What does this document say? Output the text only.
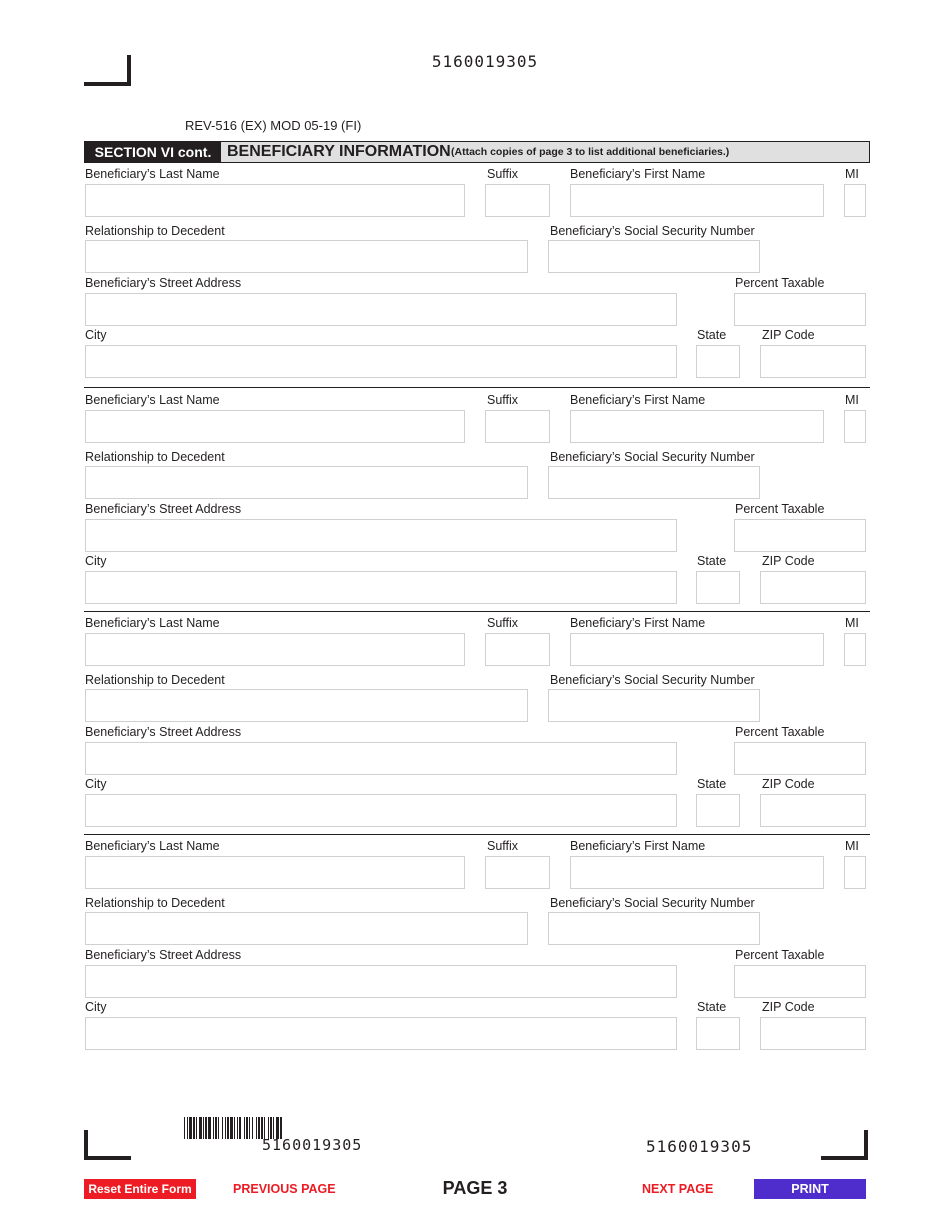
5160019305
REV-516 (EX) MOD 05-19 (FI)
SECTION VI cont. BENEFICIARY INFORMATION (Attach copies of page 3 to list additional beneficiaries.)
Beneficiary’s Last Name	Suffix	Beneficiary’s First Name	MI
Relationship to Decedent	Beneficiary’s Social Security Number
Beneficiary’s Street Address	Percent Taxable
City	State	ZIP Code
Beneficiary’s Last Name	Suffix	Beneficiary’s First Name	MI
Relationship to Decedent	Beneficiary’s Social Security Number
Beneficiary’s Street Address	Percent Taxable
City	State	ZIP Code
Beneficiary’s Last Name	Suffix	Beneficiary’s First Name	MI
Relationship to Decedent	Beneficiary’s Social Security Number
Beneficiary’s Street Address	Percent Taxable
City	State	ZIP Code
Beneficiary’s Last Name	Suffix	Beneficiary’s First Name	MI
Relationship to Decedent	Beneficiary’s Social Security Number
Beneficiary’s Street Address	Percent Taxable
City	State	ZIP Code
5160019305	5160019305
Reset Entire Form	PREVIOUS PAGE	PAGE 3	NEXT PAGE	PRINT
